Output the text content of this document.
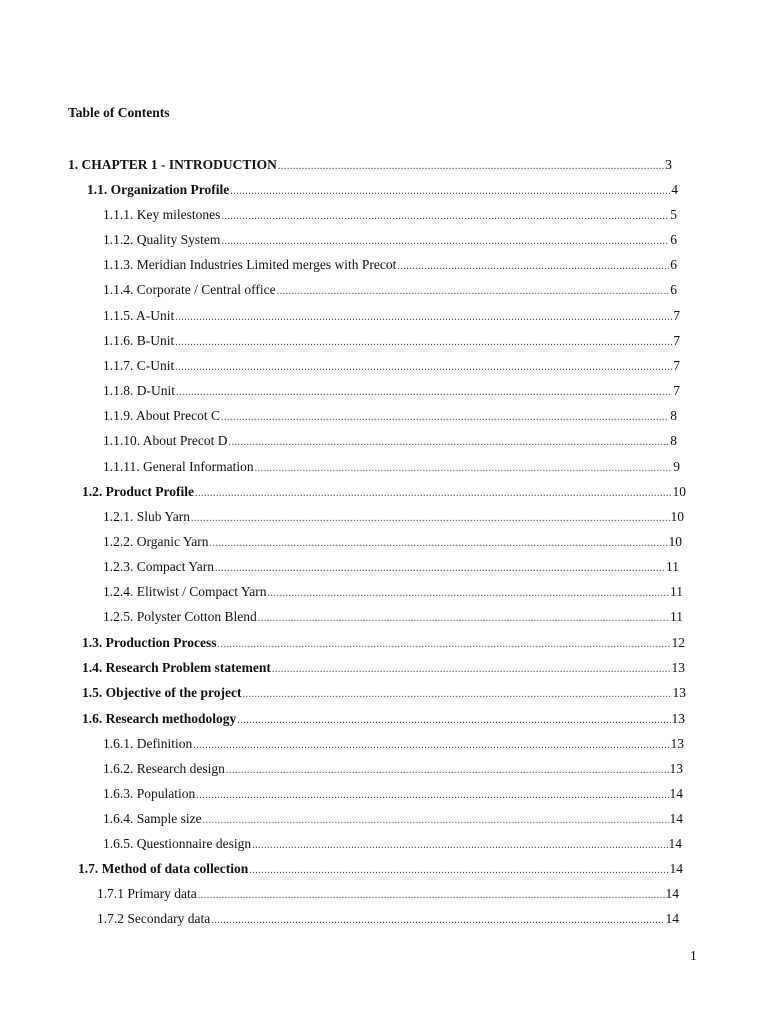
Table of Contents
1. CHAPTER 1 - INTRODUCTION .....	3
1.1. Organization Profile .....	4
1.1.1. Key milestones .....	5
1.1.2. Quality System .....	6
1.1.3. Meridian Industries Limited merges with Precot .....	6
1.1.4. Corporate / Central office .....	6
1.1.5. A-Unit .....	7
1.1.6. B-Unit .....	7
1.1.7. C-Unit .....	7
1.1.8. D-Unit .....	7
1.1.9. About Precot C .....	8
1.1.10. About Precot D .....	8
1.1.11. General Information .....	9
1.2. Product Profile .....	10
1.2.1. Slub Yarn .....	10
1.2.2. Organic Yarn .....	10
1.2.3. Compact Yarn .....	11
1.2.4. Elitwist / Compact Yarn .....	11
1.2.5. Polyster Cotton Blend .....	11
1.3. Production Process .....	12
1.4. Research Problem statement .....	13
1.5. Objective of the project .....	13
1.6. Research methodology .....	13
1.6.1. Definition .....	13
1.6.2. Research design .....	13
1.6.3. Population .....	14
1.6.4. Sample size .....	14
1.6.5. Questionnaire design .....	14
1.7. Method of data collection .....	14
1.7.1 Primary data .....	14
1.7.2 Secondary data .....	14
1
